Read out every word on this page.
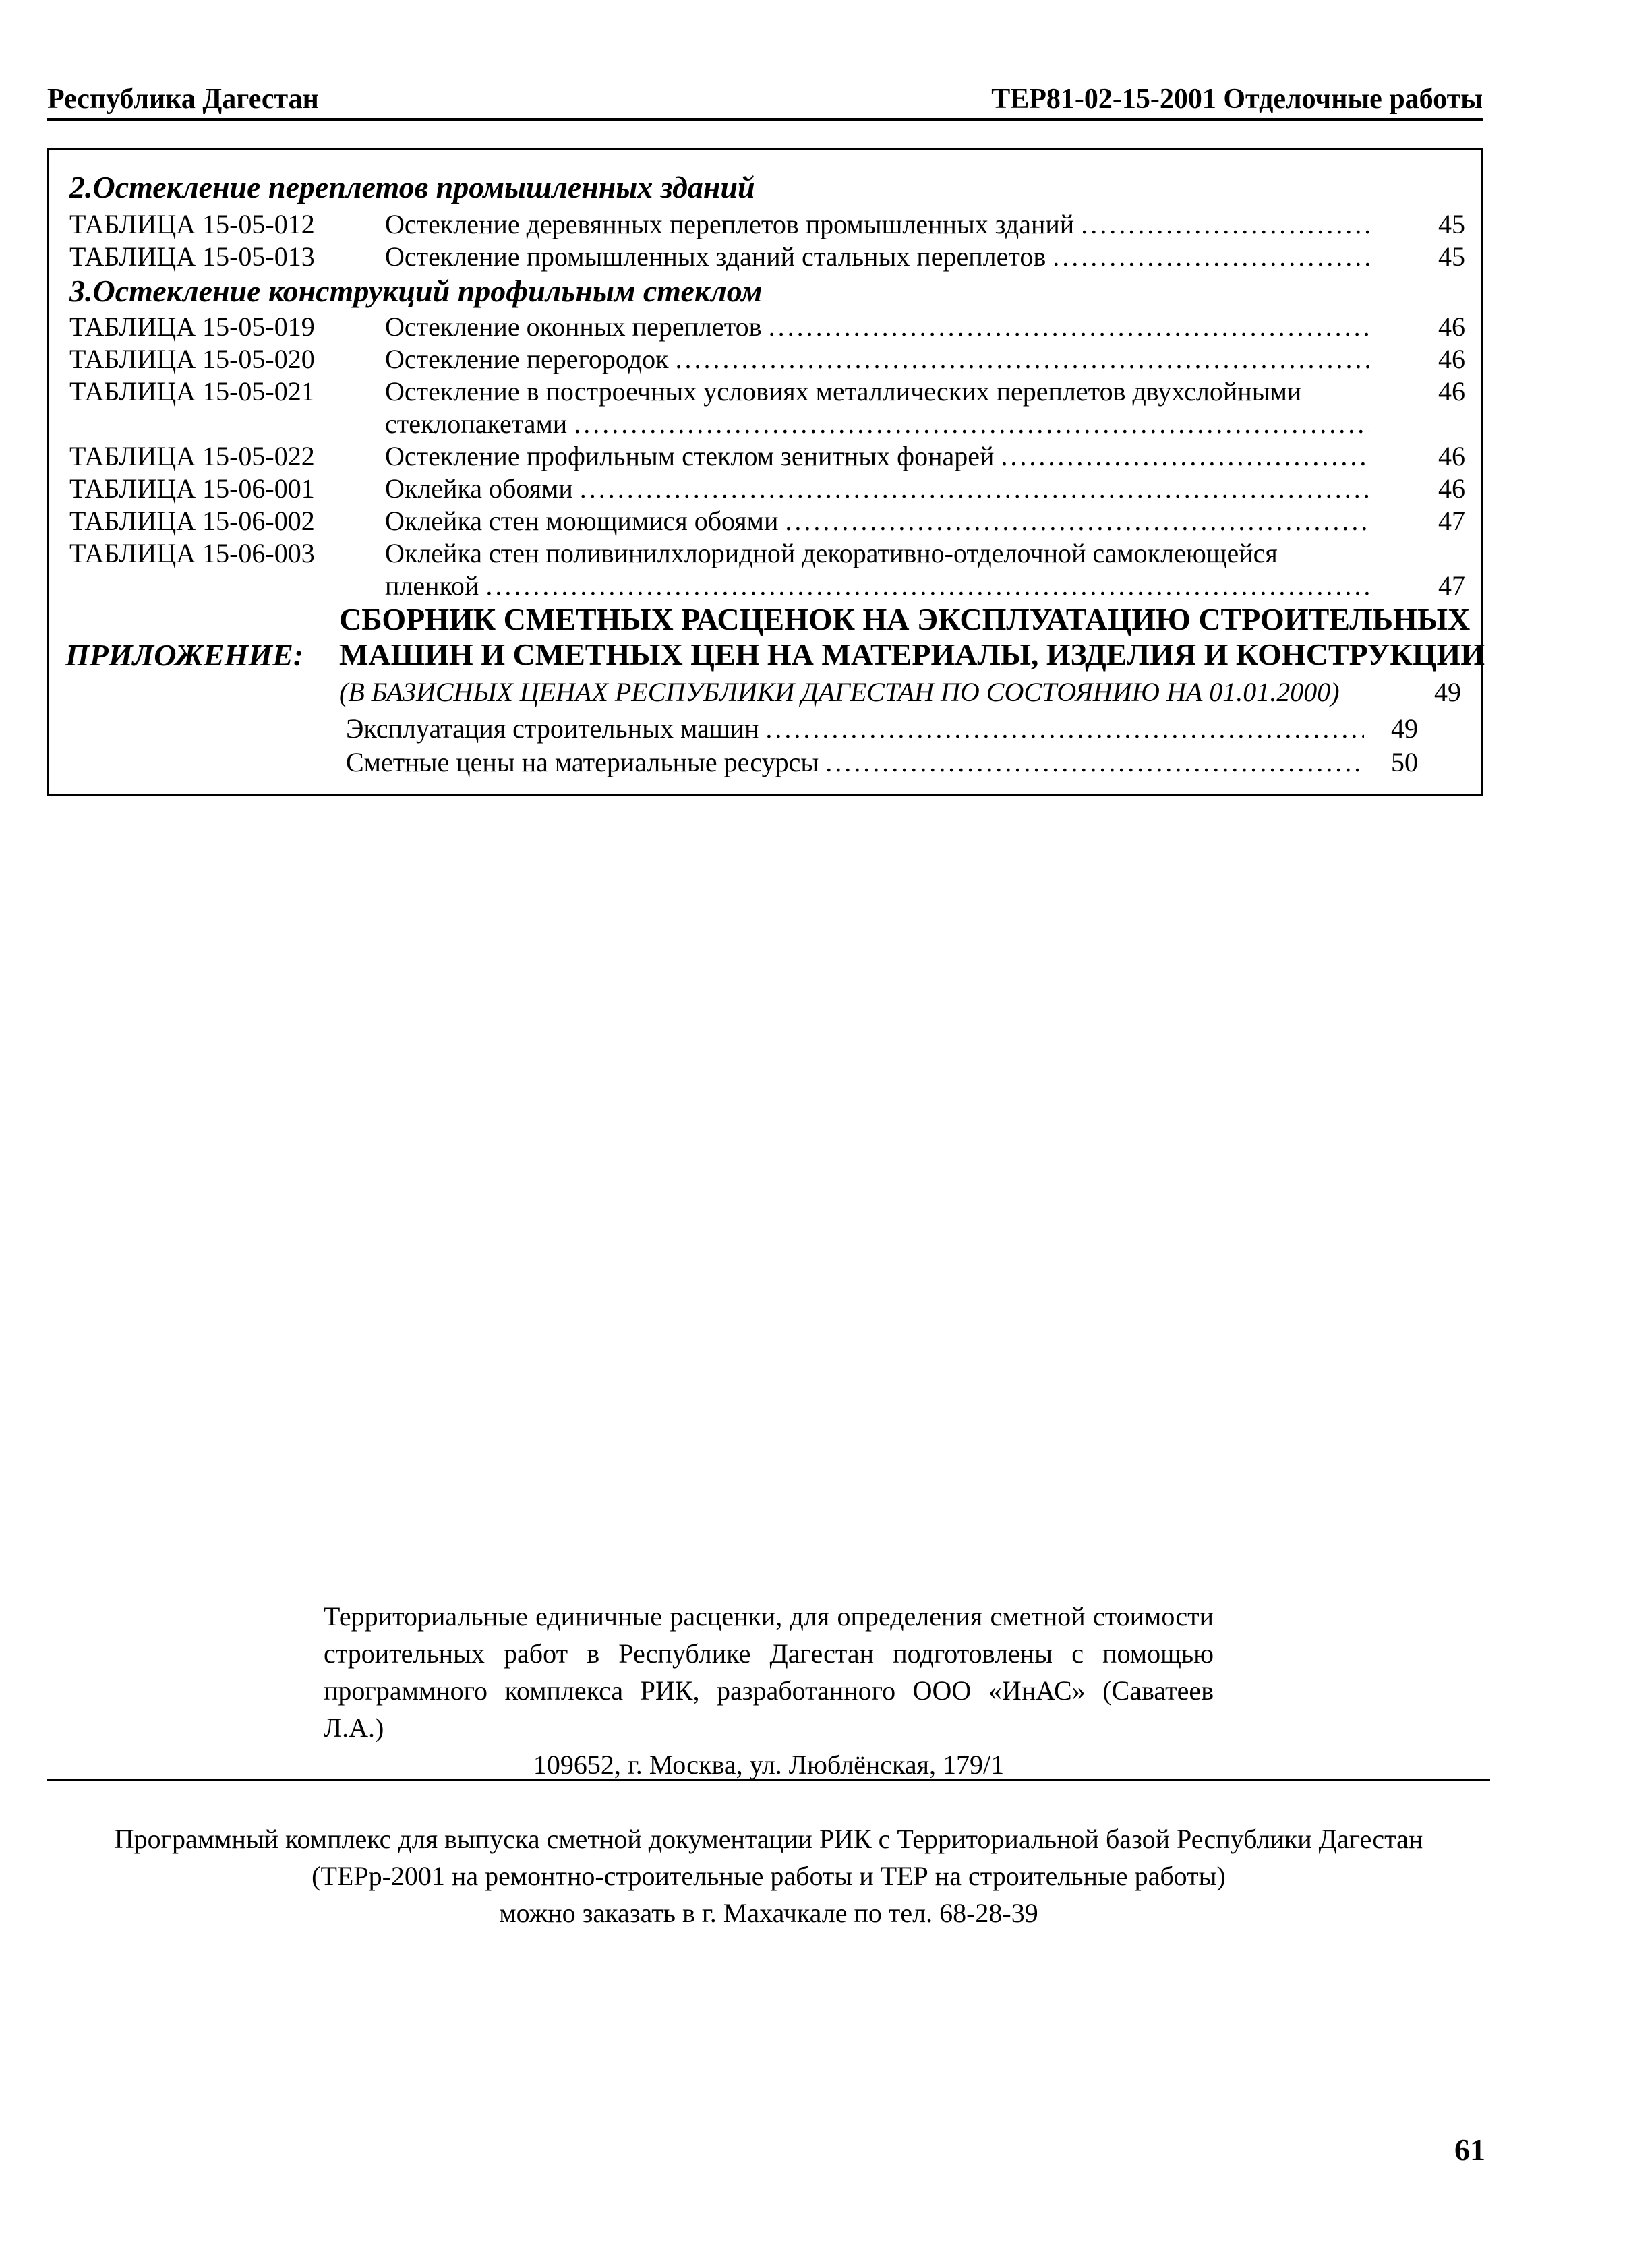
Республика Дагестан	ТЕР81-02-15-2001 Отделочные работы
2.Остекление переплетов промышленных зданий
ТАБЛИЦА 15-05-012	Остекление деревянных переплетов промышленных зданий . . .	45
ТАБЛИЦА 15-05-013	Остекление промышленных зданий стальных переплетов . . .	45
3.Остекление конструкций профильным стеклом
ТАБЛИЦА 15-05-019	Остекление оконных переплетов . . .	46
ТАБЛИЦА 15-05-020	Остекление перегородок . . .	46
ТАБЛИЦА 15-05-021	Остекление в построечных условиях металлических переплетов двухслойными	46
стеклопакетами
. . .
ТАБЛИЦА 15-05-022	Остекление профильным стеклом зенитных фонарей . . .	46
ТАБЛИЦА 15-06-001	Оклейка обоями . . .	46
ТАБЛИЦА 15-06-002	Оклейка стен моющимися обоями . . .	47
ТАБЛИЦА 15-06-003	Оклейка стен поливинилхлоридной декоративно-отделочной самоклеющейся
пленкой . . .	47
СБОРНИК СМЕТНЫХ РАСЦЕНОК НА ЭКСПЛУАТАЦИЮ СТРОИТЕЛЬНЫХ
ПРИЛОЖЕНИЕ: МАШИН И СМЕТНЫХ ЦЕН НА МАТЕРИАЛЫ, ИЗДЕЛИЯ И КОНСТРУКЦИИ
(В БАЗИСНЫХ ЦЕНАХ РЕСПУБЛИКИ ДАГЕСТАН ПО СОСТОЯНИЮ НА 01.01.2000)	49
Эксплуатация строительных машин . . .	49
Сметные цены на материальные ресурсы . . .	50
Территориальные единичные расценки, для определения сметной стоимости
строительных работ в Республике Дагестан подготовлены с помощью
программного комплекса РИК, разработанного ООО «ИнАС» (Саватеев Л.А.)
109652, г. Москва, ул. Люблёнская, 179/1
Программный комплекс для выпуска сметной документации РИК с Территориальной базой Республики Дагестан
(ТЕРр-2001 на ремонтно-строительные работы и ТЕР на строительные работы)
можно заказать в г. Махачкале по тел. 68-28-39
61
